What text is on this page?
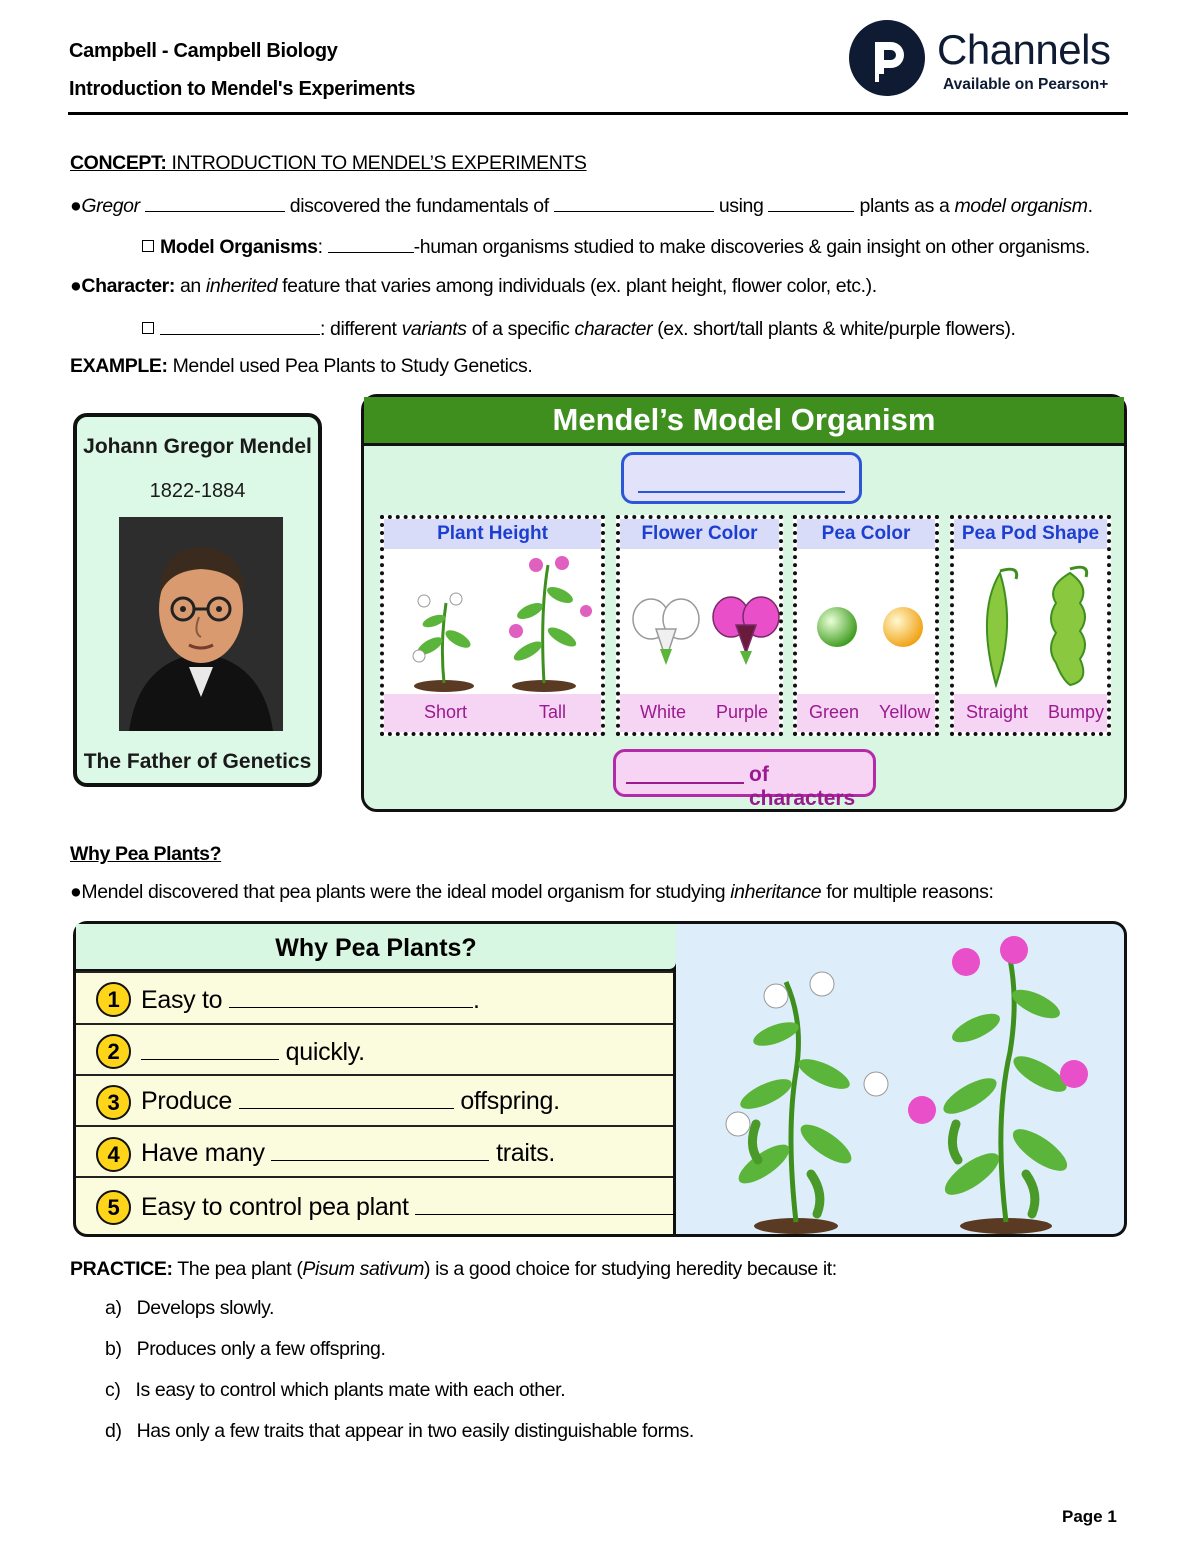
Campbell - Campbell Biology
Introduction to Mendel's Experiments
Channels
Available on Pearson+
CONCEPT: INTRODUCTION TO MENDEL’S EXPERIMENTS
●Gregor	discovered the fundamentals of	using	plants as a model organism.
Model Organisms:	-human organisms studied to make discoveries & gain insight on other organisms.
●Character: an inherited feature that varies among individuals (ex. plant height, flower color, etc.).
: different variants of a specific character (ex. short/tall plants & white/purple flowers).
EXAMPLE: Mendel used Pea Plants to Study Genetics.
Johann Gregor Mendel
1822-1884
The Father of Genetics
Mendel’s Model Organism
Plant Height
Short	Tall
Flower Color
White Purple
Pea Color
Green Yellow
Pea Pod Shape
Straight Bumpy
of characters
Why Pea Plants?
●Mendel discovered that pea plants were the ideal model organism for studying inheritance for multiple reasons:
Why Pea Plants?
1 Easy to	.
2	quickly.
3 Produce	offspring.
4 Have many	traits.
5 Easy to control pea plant
PRACTICE: The pea plant (Pisum sativum) is a good choice for studying heredity because it:
a) Develops slowly.
b) Produces only a few offspring.
c) Is easy to control which plants mate with each other.
d) Has only a few traits that appear in two easily distinguishable forms.
Page 1
